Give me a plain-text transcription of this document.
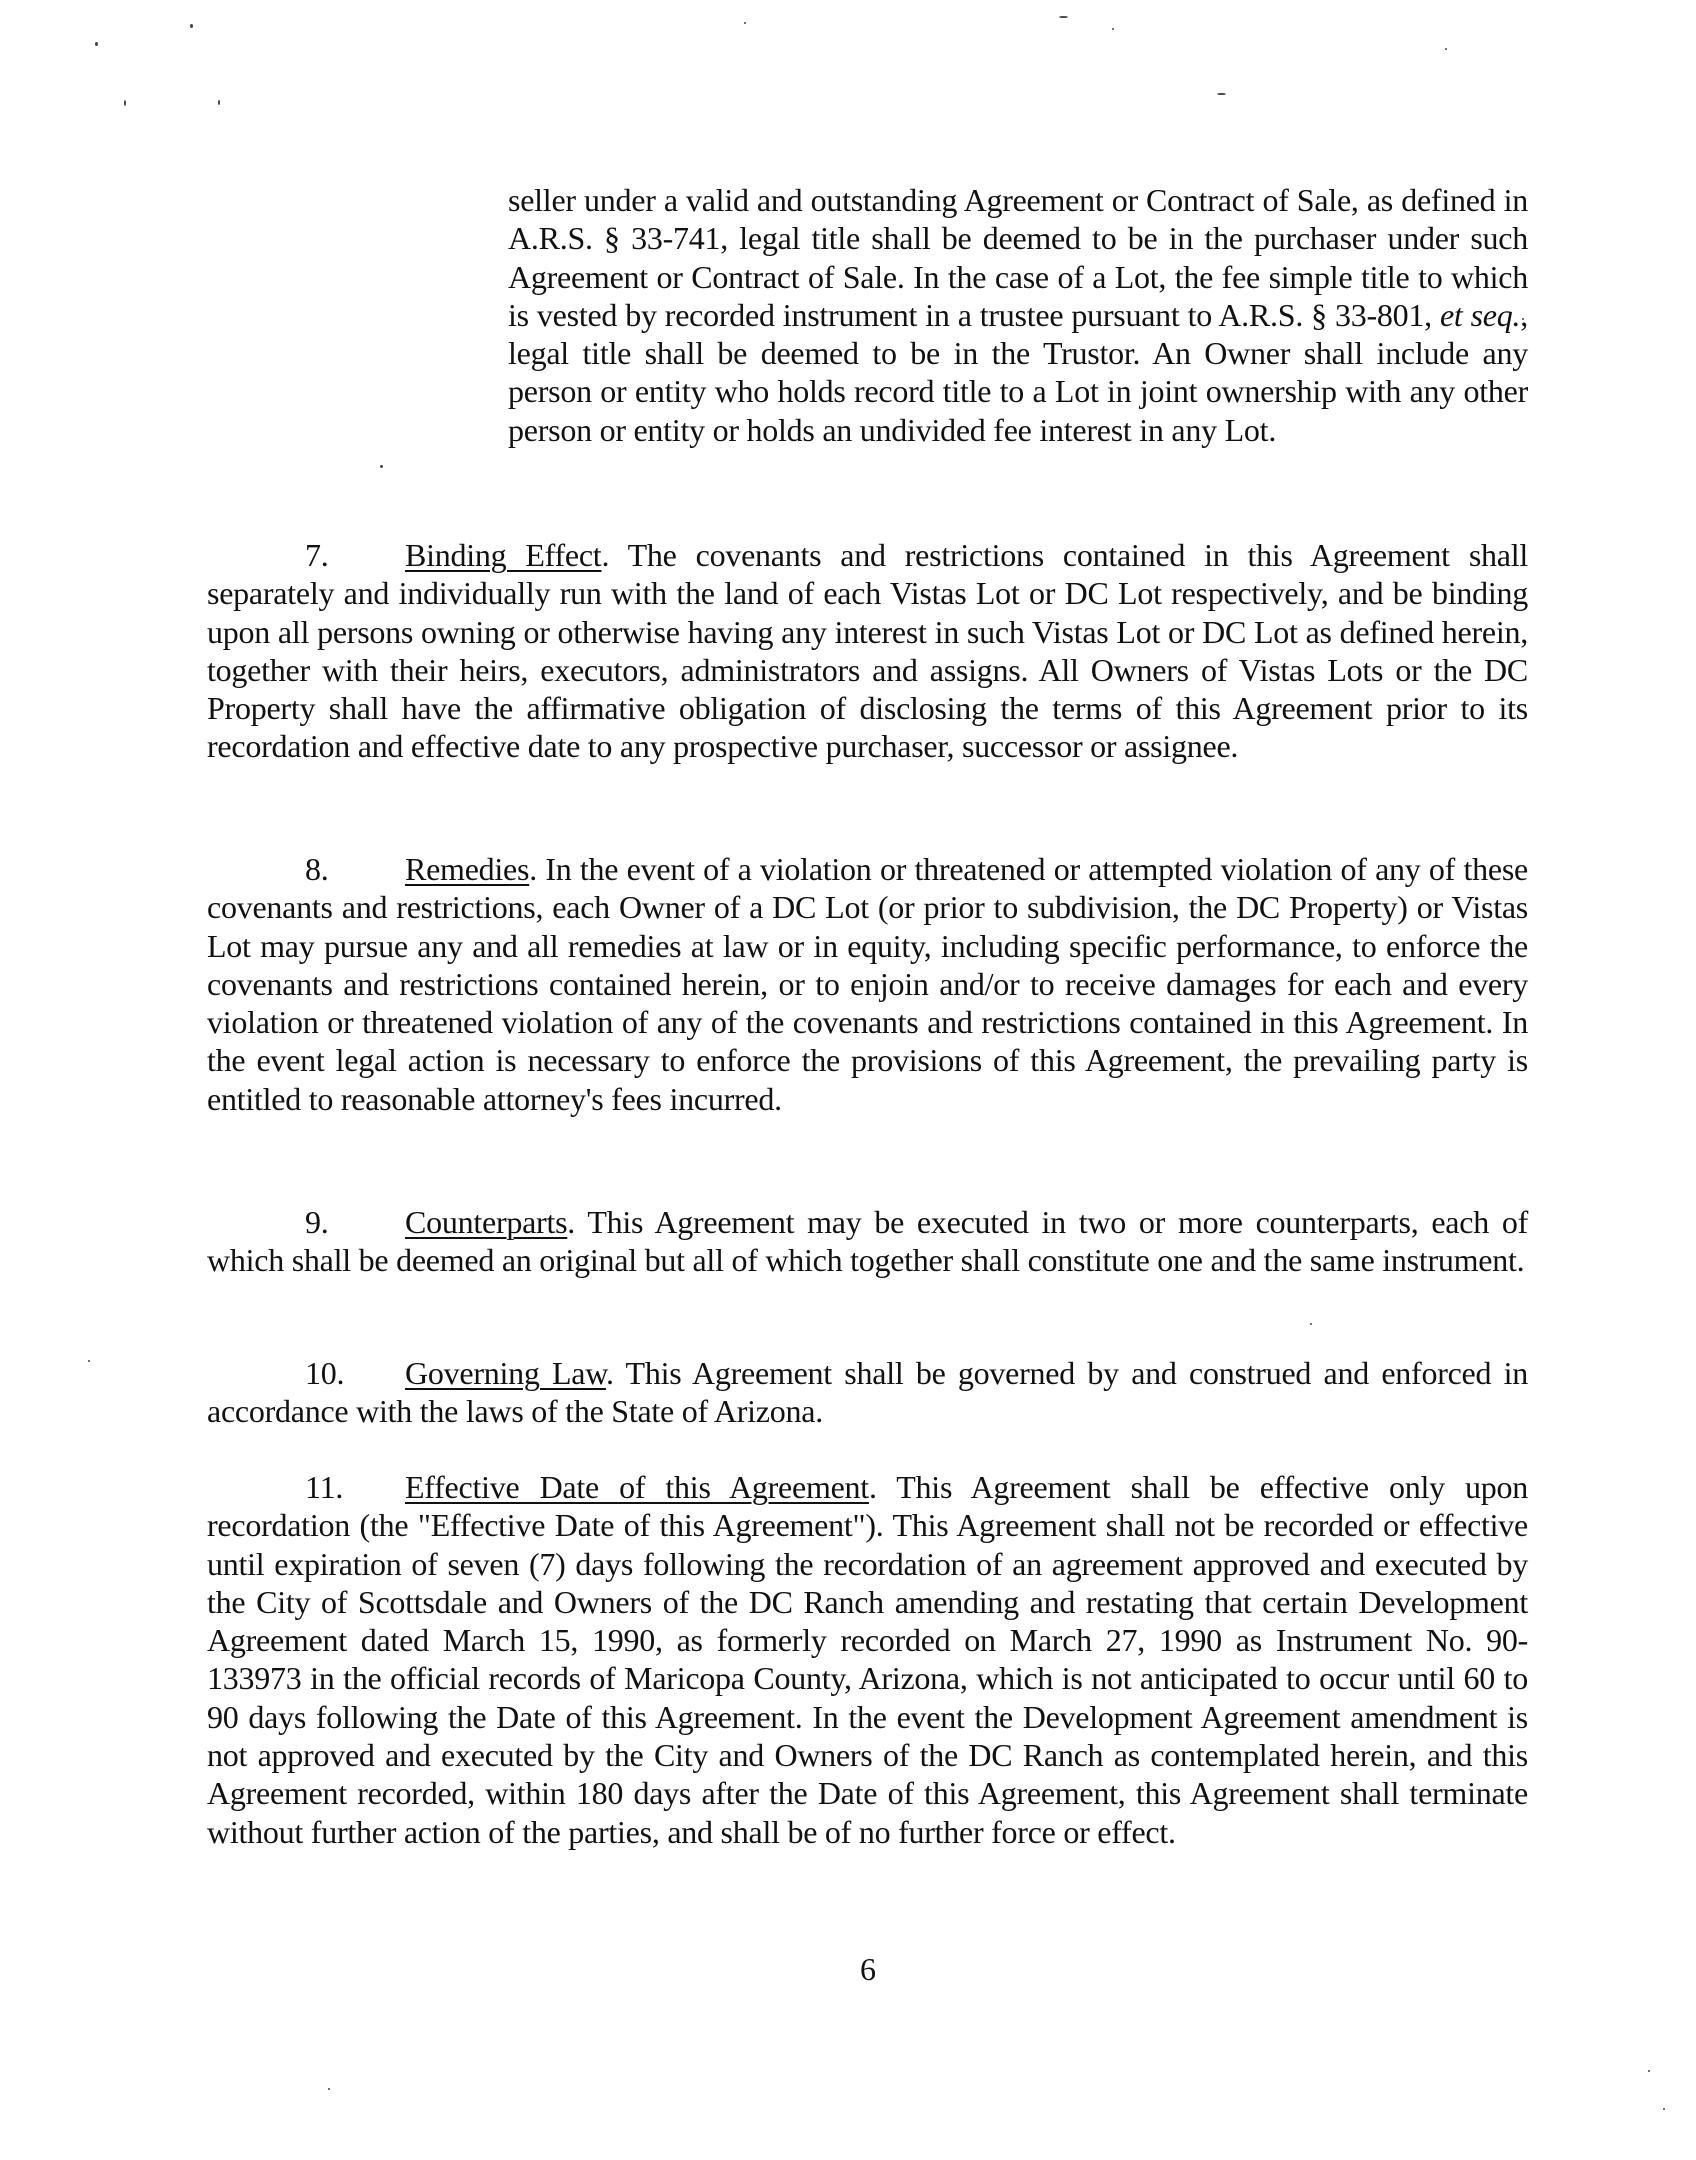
seller under a valid and outstanding Agreement or Contract of Sale, as defined in A.R.S. § 33-741, legal title shall be deemed to be in the purchaser under such Agreement or Contract of Sale. In the case of a Lot, the fee simple title to which is vested by recorded instrument in a trustee pursuant to A.R.S. § 33-801, et seq., legal title shall be deemed to be in the Trustor. An Owner shall include any person or entity who holds record title to a Lot in joint ownership with any other person or entity or holds an undivided fee interest in any Lot.

7. Binding Effect. The covenants and restrictions contained in this Agreement shall separately and individually run with the land of each Vistas Lot or DC Lot respectively, and be binding upon all persons owning or otherwise having any interest in such Vistas Lot or DC Lot as defined herein, together with their heirs, executors, administrators and assigns. All Owners of Vistas Lots or the DC Property shall have the affirmative obligation of disclosing the terms of this Agreement prior to its recordation and effective date to any prospective purchaser, successor or assignee.

8. Remedies. In the event of a violation or threatened or attempted violation of any of these covenants and restrictions, each Owner of a DC Lot (or prior to subdivision, the DC Property) or Vistas Lot may pursue any and all remedies at law or in equity, including specific performance, to enforce the covenants and restrictions contained herein, or to enjoin and/or to receive damages for each and every violation or threatened violation of any of the covenants and restrictions contained in this Agreement. In the event legal action is necessary to enforce the provisions of this Agreement, the prevailing party is entitled to reasonable attorney's fees incurred.

9. Counterparts. This Agreement may be executed in two or more counterparts, each of which shall be deemed an original but all of which together shall constitute one and the same instrument.

10. Governing Law. This Agreement shall be governed by and construed and enforced in accordance with the laws of the State of Arizona.

11. Effective Date of this Agreement. This Agreement shall be effective only upon recordation (the "Effective Date of this Agreement"). This Agreement shall not be recorded or effective until expiration of seven (7) days following the recordation of an agreement approved and executed by the City of Scottsdale and Owners of the DC Ranch amending and restating that certain Development Agreement dated March 15, 1990, as formerly recorded on March 27, 1990 as Instrument No. 90-133973 in the official records of Maricopa County, Arizona, which is not anticipated to occur until 60 to 90 days following the Date of this Agreement. In the event the Development Agreement amendment is not approved and executed by the City and Owners of the DC Ranch as contemplated herein, and this Agreement recorded, within 180 days after the Date of this Agreement, this Agreement shall terminate without further action of the parties, and shall be of no further force or effect.

6
